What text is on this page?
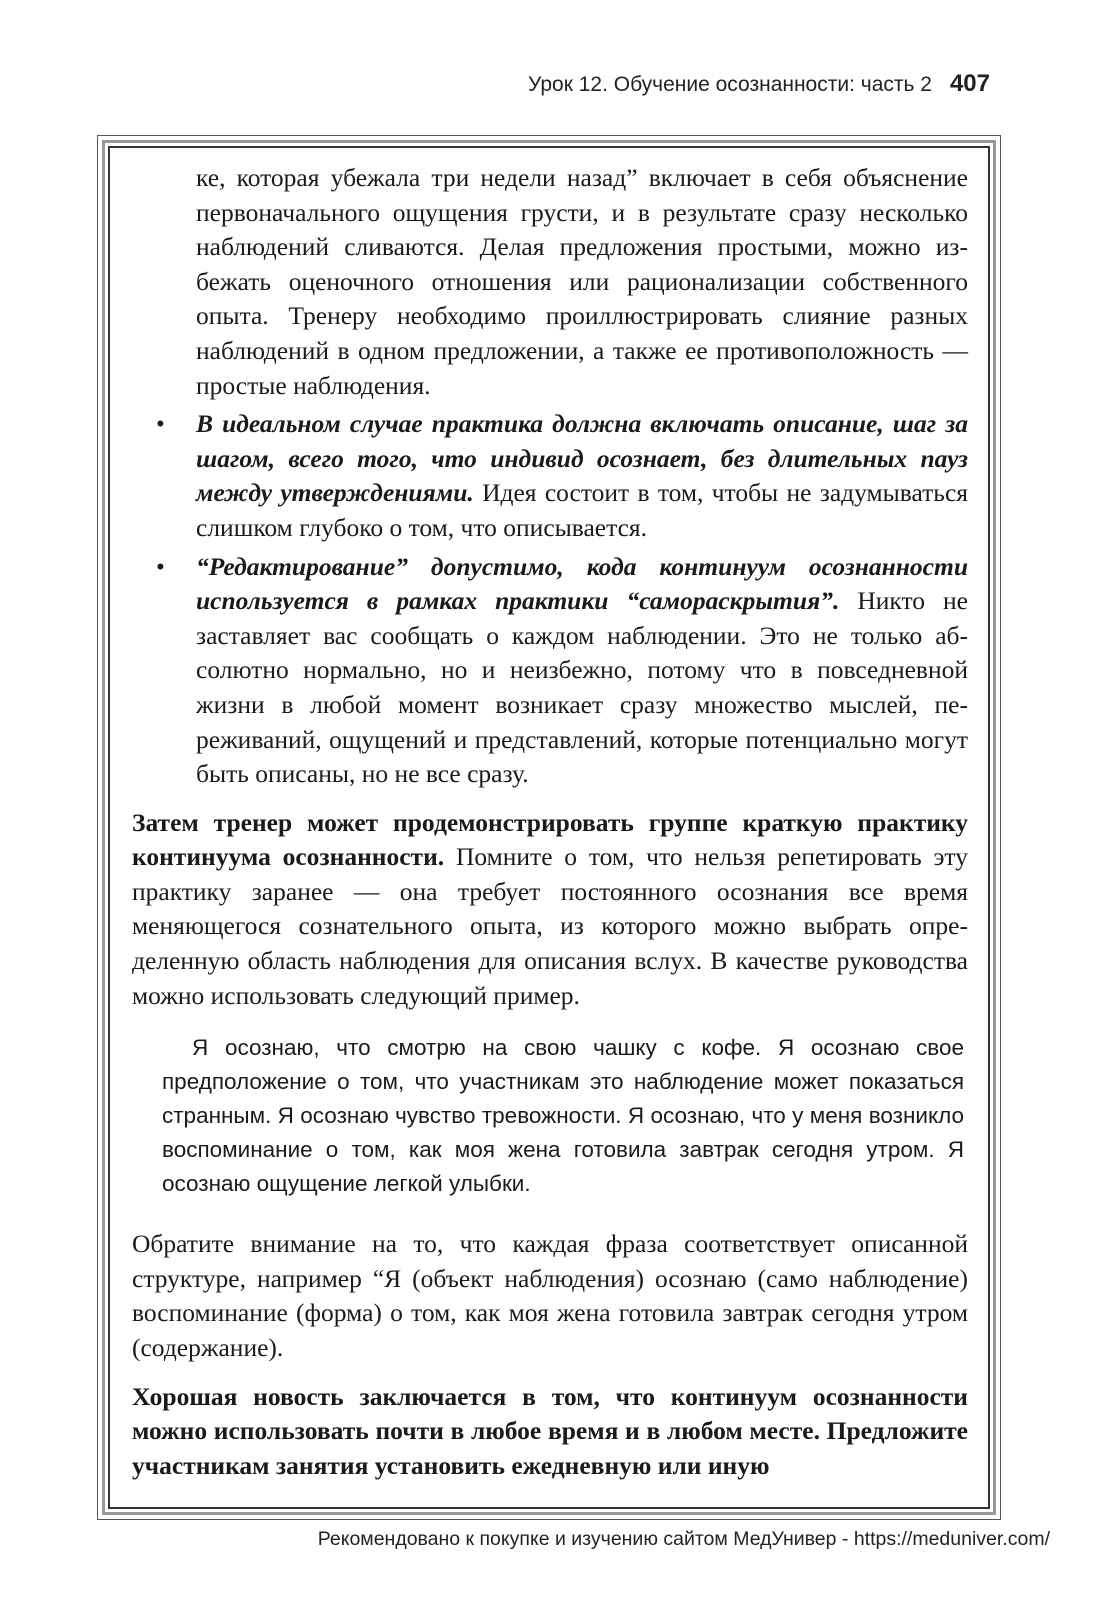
Урок 12. Обучение осознанности: часть 2 407

ке, которая убежала три недели назад” включает в себя объяснение первоначального ощущения грусти, и в результате сразу несколько наблюдений сливаются. Делая предложения простыми, можно избежать оценочного отношения или рационализации собственного опыта. Тренеру необходимо проиллюстрировать слияние разных наблюдений в одном предложении, а также ее противоположность — простые наблюдения.

• В идеальном случае практика должна включать описание, шаг за шагом, всего того, что индивид осознает, без длительных пауз между утверждениями. Идея состоит в том, чтобы не задумываться слишком глубоко о том, что описывается.

• “Редактирование” допустимо, кода континуум осознанности используется в рамках практики “самораскрытия”. Никто не заставляет вас сообщать о каждом наблюдении. Это не только абсолютно нормально, но и неизбежно, потому что в повседневной жизни в любой момент возникает сразу множество мыслей, переживаний, ощущений и представлений, которые потенциально могут быть описаны, но не все сразу.

Затем тренер может продемонстрировать группе краткую практику континуума осознанности. Помните о том, что нельзя репетировать эту практику заранее — она требует постоянного осознания все время меняющегося сознательного опыта, из которого можно выбрать определенную область наблюдения для описания вслух. В качестве руководства можно использовать следующий пример.

Я осознаю, что смотрю на свою чашку с кофе. Я осознаю свое предположение о том, что участникам это наблюдение может показаться странным. Я осознаю чувство тревожности. Я осознаю, что у меня возникло воспоминание о том, как моя жена готовила завтрак сегодня утром. Я осознаю ощущение легкой улыбки.

Обратите внимание на то, что каждая фраза соответствует описанной структуре, например “Я (объект наблюдения) осознаю (само наблюдение) воспоминание (форма) о том, как моя жена готовила завтрак сегодня утром (содержание).

Хорошая новость заключается в том, что континуум осознанности можно использовать почти в любое время и в любом месте. Предложите участникам занятия установить ежедневную или иную

Рекомендовано к покупке и изучению сайтом МедУнивер - https://meduniver.com/
